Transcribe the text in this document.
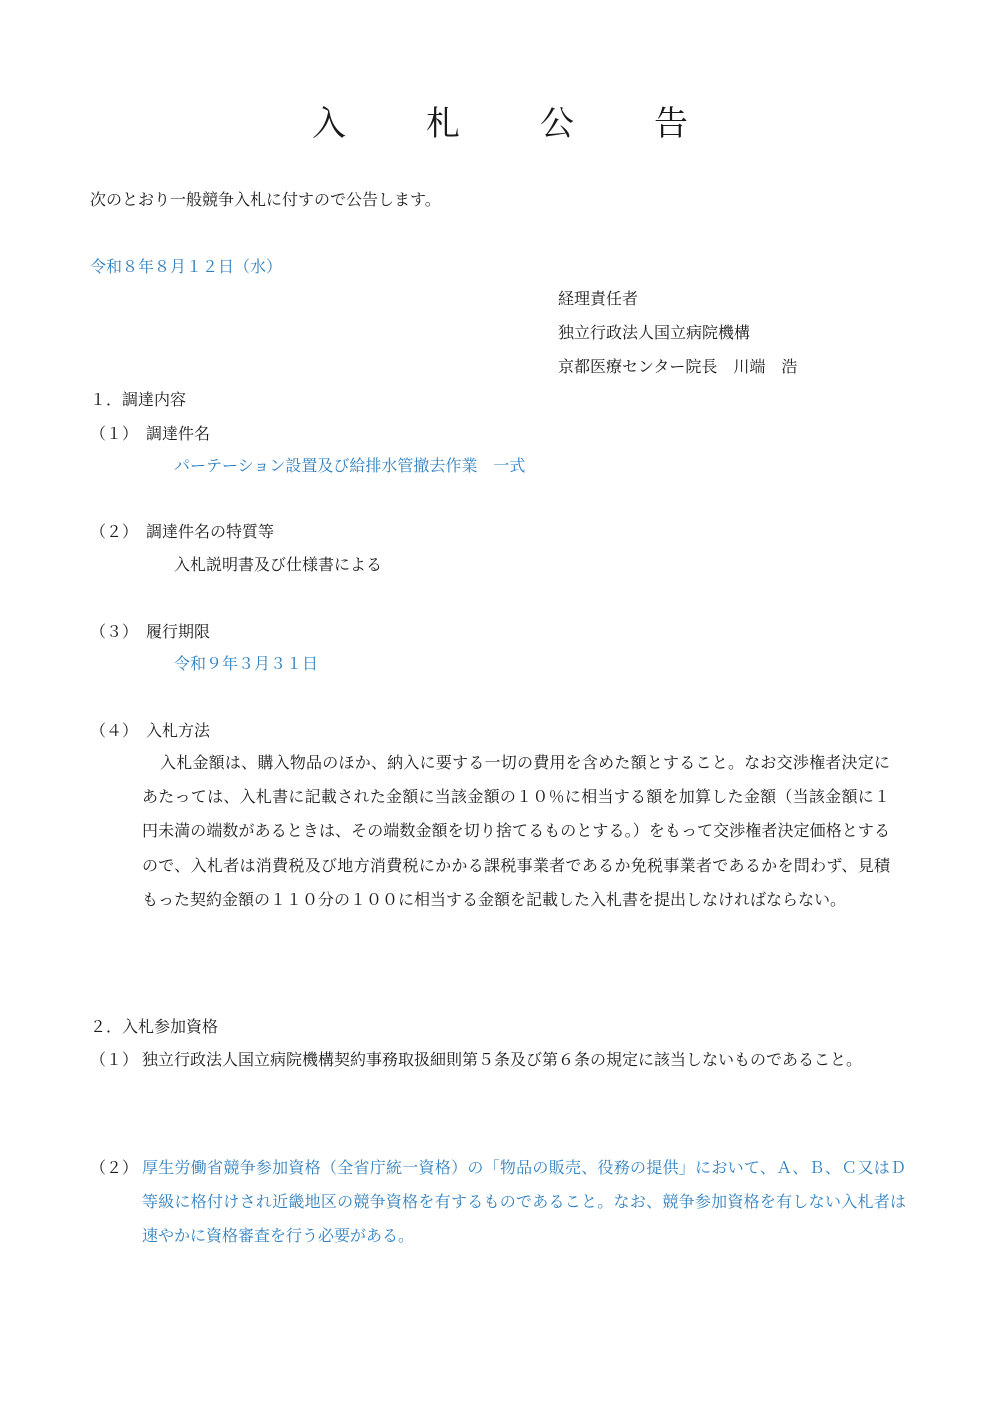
入 札 公 告
次のとおり一般競争入札に付すので公告します。
令和８年８月１２日（水）
経理責任者
独立行政法人国立病院機構
京都医療センター院長　川端　浩
１．調達内容
（１） 調達件名
パーテーション設置及び給排水管撤去作業　一式
（２） 調達件名の特質等
入札説明書及び仕様書による
（３） 履行期限
令和９年３月３１日
（４） 入札方法
入札金額は、購入物品のほか、納入に要する一切の費用を含めた額とすること。なお交渉権者決定にあたっては、入札書に記載された金額に当該金額の１０％に相当する額を加算した金額（当該金額に１円未満の端数があるときは、その端数金額を切り捨てるものとする。）をもって交渉権者決定価格とするので、入札者は消費税及び地方消費税にかかる課税事業者であるか免税事業者であるかを問わず、見積もった契約金額の１１０分の１００に相当する金額を記載した入札書を提出しなければならない。
２．入札参加資格
（１） 独立行政法人国立病院機構契約事務取扱細則第５条及び第６条の規定に該当しないものであること。
（２） 厚生労働省競争参加資格（全省庁統一資格）の「物品の販売、役務の提供」において、Ａ、Ｂ、Ｃ又はＤ等級に格付けされ近畿地区の競争資格を有するものであること。なお、競争参加資格を有しない入札者は速やかに資格審査を行う必要がある。
